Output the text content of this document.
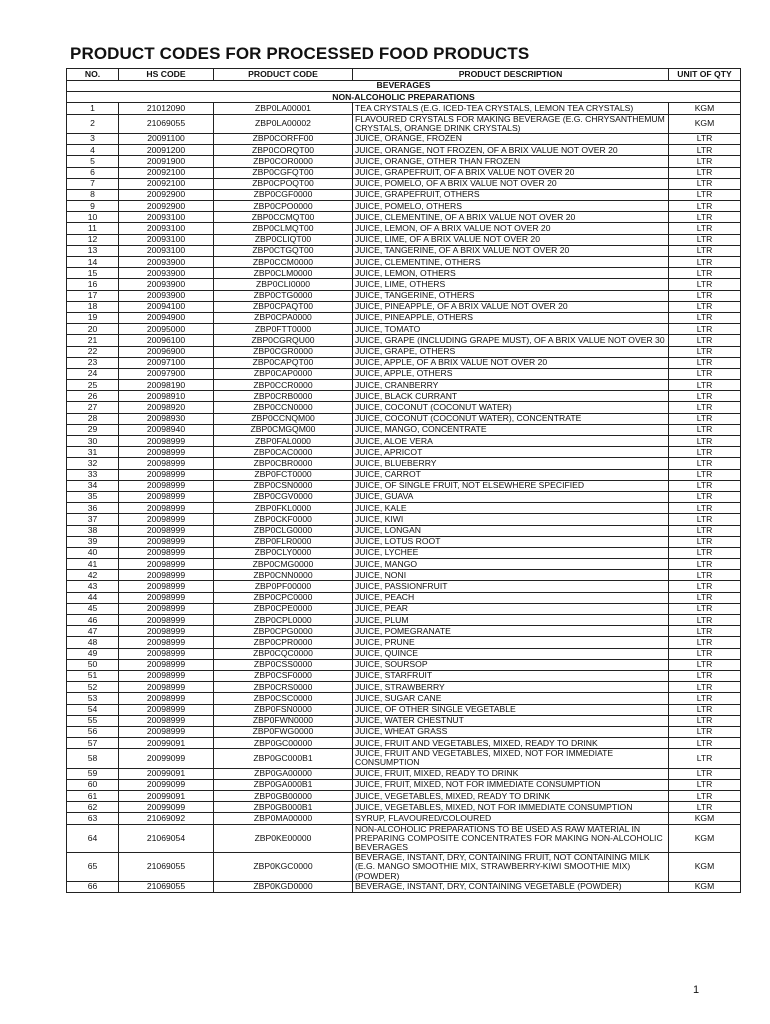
PRODUCT CODES FOR PROCESSED FOOD PRODUCTS
NO.	HS CODE	PRODUCT CODE	PRODUCT DESCRIPTION	UNIT OF QTY
BEVERAGES				
NON-ALCOHOLIC PREPARATIONS				
1	21012090	ZBP0LA00001	TEA CRYSTALS (E.G. ICED-TEA CRYSTALS, LEMON TEA CRYSTALS)	KGM
2	21069055	ZBP0LA00002	FLAVOURED CRYSTALS FOR MAKING BEVERAGE (E.G. CHRYSANTHEMUM CRYSTALS, ORANGE DRINK CRYSTALS)	KGM
3	20091100	ZBP0CORFF00	JUICE, ORANGE, FROZEN	LTR
4	20091200	ZBP0CORQT00	JUICE, ORANGE, NOT FROZEN, OF A BRIX VALUE NOT OVER 20	LTR
5	20091900	ZBP0COR0000	JUICE, ORANGE, OTHER THAN FROZEN	LTR
6	20092100	ZBP0CGFQT00	JUICE, GRAPEFRUIT, OF A BRIX VALUE NOT OVER 20	LTR
7	20092100	ZBP0CPOQT00	JUICE, POMELO, OF A BRIX VALUE NOT OVER 20	LTR
8	20092900	ZBP0CGF0000	JUICE, GRAPEFRUIT, OTHERS	LTR
9	20092900	ZBP0CPO0000	JUICE, POMELO, OTHERS	LTR
10	20093100	ZBP0CCMQT00	JUICE, CLEMENTINE, OF A BRIX VALUE NOT OVER 20	LTR
11	20093100	ZBP0CLMQT00	JUICE, LEMON, OF A BRIX VALUE NOT OVER 20	LTR
12	20093100	ZBP0CLIQT00	JUICE, LIME, OF A BRIX VALUE NOT OVER 20	LTR
13	20093100	ZBP0CTGQT00	JUICE, TANGERINE, OF A BRIX VALUE NOT OVER 20	LTR
14	20093900	ZBP0CCM0000	JUICE, CLEMENTINE, OTHERS	LTR
15	20093900	ZBP0CLM0000	JUICE, LEMON, OTHERS	LTR
16	20093900	ZBP0CLI0000	JUICE, LIME, OTHERS	LTR
17	20093900	ZBP0CTG0000	JUICE, TANGERINE, OTHERS	LTR
18	20094100	ZBP0CPAQT00	JUICE, PINEAPPLE, OF A BRIX VALUE NOT OVER 20	LTR
19	20094900	ZBP0CPA0000	JUICE, PINEAPPLE, OTHERS	LTR
20	20095000	ZBP0FTT0000	JUICE, TOMATO	LTR
21	20096100	ZBP0CGRQU00	JUICE, GRAPE (INCLUDING GRAPE MUST), OF A BRIX VALUE NOT OVER 30	LTR
22	20096900	ZBP0CGR0000	JUICE, GRAPE, OTHERS	LTR
23	20097100	ZBP0CAPQT00	JUICE, APPLE, OF A BRIX VALUE NOT OVER 20	LTR
24	20097900	ZBP0CAP0000	JUICE, APPLE, OTHERS	LTR
25	20098190	ZBP0CCR0000	JUICE, CRANBERRY	LTR
26	20098910	ZBP0CRB0000	JUICE, BLACK CURRANT	LTR
27	20098920	ZBP0CCN0000	JUICE, COCONUT (COCONUT WATER)	LTR
28	20098930	ZBP0CCNQM00	JUICE, COCONUT (COCONUT WATER), CONCENTRATE	LTR
29	20098940	ZBP0CMGQM00	JUICE, MANGO, CONCENTRATE	LTR
30	20098999	ZBP0FAL0000	JUICE, ALOE VERA	LTR
31	20098999	ZBP0CAC0000	JUICE, APRICOT	LTR
32	20098999	ZBP0CBR0000	JUICE, BLUEBERRY	LTR
33	20098999	ZBP0FCT0000	JUICE, CARROT	LTR
34	20098999	ZBP0CSN0000	JUICE, OF SINGLE FRUIT, NOT ELSEWHERE SPECIFIED	LTR
35	20098999	ZBP0CGV0000	JUICE, GUAVA	LTR
36	20098999	ZBP0FKL0000	JUICE, KALE	LTR
37	20098999	ZBP0CKF0000	JUICE, KIWI	LTR
38	20098999	ZBP0CLG0000	JUICE, LONGAN	LTR
39	20098999	ZBP0FLR0000	JUICE, LOTUS ROOT	LTR
40	20098999	ZBP0CLY0000	JUICE, LYCHEE	LTR
41	20098999	ZBP0CMG0000	JUICE, MANGO	LTR
42	20098999	ZBP0CNN0000	JUICE, NONI	LTR
43	20098999	ZBP0PF00000	JUICE, PASSIONFRUIT	LTR
44	20098999	ZBP0CPC0000	JUICE, PEACH	LTR
45	20098999	ZBP0CPE0000	JUICE, PEAR	LTR
46	20098999	ZBP0CPL0000	JUICE, PLUM	LTR
47	20098999	ZBP0CPG0000	JUICE, POMEGRANATE	LTR
48	20098999	ZBP0CPR0000	JUICE, PRUNE	LTR
49	20098999	ZBP0CQC0000	JUICE, QUINCE	LTR
50	20098999	ZBP0CSS0000	JUICE, SOURSOP	LTR
51	20098999	ZBP0CSF0000	JUICE, STARFRUIT	LTR
52	20098999	ZBP0CRS0000	JUICE, STRAWBERRY	LTR
53	20098999	ZBP0CSC0000	JUICE, SUGAR CANE	LTR
54	20098999	ZBP0FSN0000	JUICE, OF OTHER SINGLE VEGETABLE	LTR
55	20098999	ZBP0FWN0000	JUICE, WATER CHESTNUT	LTR
56	20098999	ZBP0FWG0000	JUICE, WHEAT GRASS	LTR
57	20099091	ZBP0GC00000	JUICE, FRUIT AND VEGETABLES, MIXED, READY TO DRINK	LTR
58	20099099	ZBP0GC000B1	JUICE, FRUIT AND VEGETABLES, MIXED, NOT FOR IMMEDIATE CONSUMPTION	LTR
59	20099091	ZBP0GA00000	JUICE, FRUIT, MIXED, READY TO DRINK	LTR
60	20099099	ZBP0GA000B1	JUICE, FRUIT, MIXED, NOT FOR IMMEDIATE CONSUMPTION	LTR
61	20099091	ZBP0GB00000	JUICE, VEGETABLES, MIXED, READY TO DRINK	LTR
62	20099099	ZBP0GB000B1	JUICE, VEGETABLES, MIXED, NOT FOR IMMEDIATE CONSUMPTION	LTR
63	21069092	ZBP0MA00000	SYRUP, FLAVOURED/COLOURED	KGM
64	21069054	ZBP0KE00000	NON-ALCOHOLIC PREPARATIONS TO BE USED AS RAW MATERIAL IN PREPARING COMPOSITE CONCENTRATES FOR MAKING NON-ALCOHOLIC BEVERAGES	KGM
65	21069055	ZBP0KGC0000	BEVERAGE, INSTANT, DRY, CONTAINING FRUIT, NOT CONTAINING MILK (E.G. MANGO SMOOTHIE MIX, STRAWBERRY-KIWI SMOOTHIE MIX) (POWDER)	KGM
66	21069055	ZBP0KGD0000	BEVERAGE, INSTANT, DRY, CONTAINING VEGETABLE (POWDER)	KGM
1
